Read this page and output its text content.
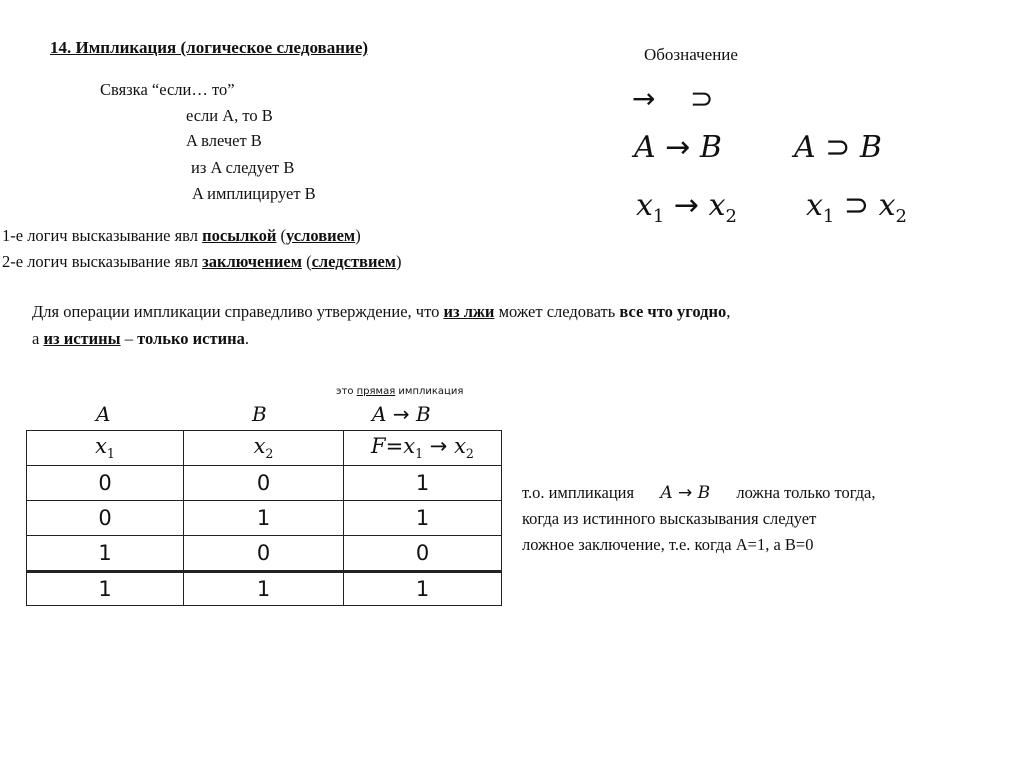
14. Импликация (логическое следование)
Связка “если… то”
если A, то B
A влечет B
из A следует B
A имплицирует B
Обозначение
→ ⊃
A → B A ⊃ B
$x_1 \to x_2$ $x_1$ ⊃ $x_2$
1-е логич высказывание явл посылкой (условием)
2-е логич высказывание явл заключением (следствием)
Для операции импликации справедливо утверждение, что из лжи может следовать все что угодно,
а из истины – только истина.
это прямая импликация
A	B	A → B
$x_1$	$x_2$	$F=x_1 \to x_2$
0	0	1
0	1	1
1	0	0
1	1	1
т.о. импликация A → B ложна только тогда,
когда из истинного высказывания следует
ложное заключение, т.е. когда А=1, а В=0
